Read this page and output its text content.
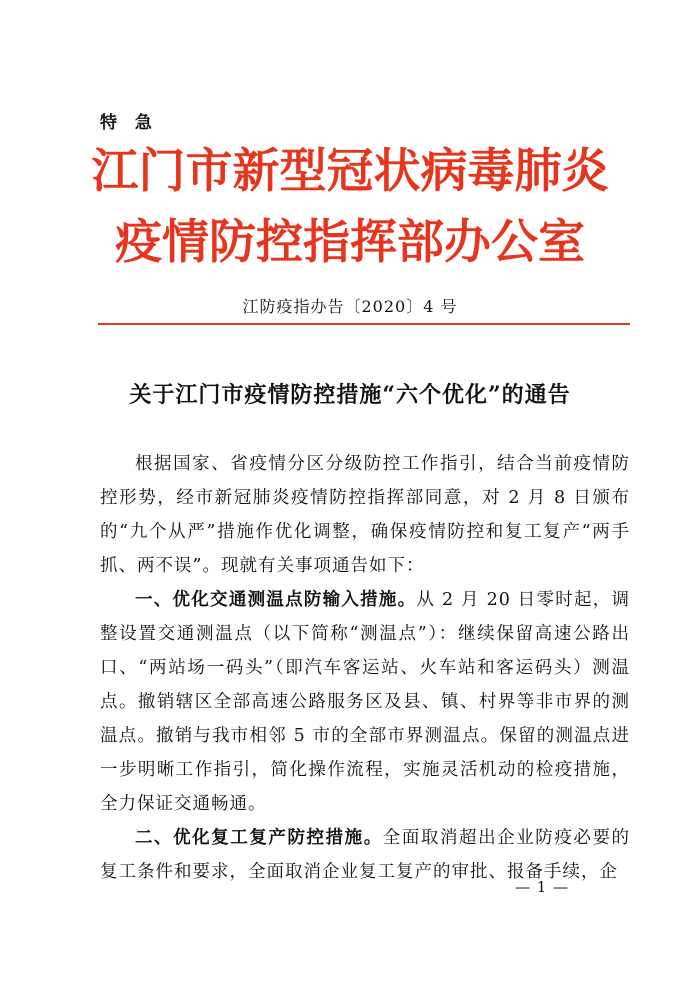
特 急
江门市新型冠状病毒肺炎
疫情防控指挥部办公室
江防疫指办告〔2020〕4 号
关于江门市疫情防控措施“六个优化”的通告

根据国家、省疫情分区分级防控工作指引，结合当前疫情防控形势，经市新冠肺炎疫情防控指挥部同意，对 2 月 8 日颁布的“九个从严”措施作优化调整，确保疫情防控和复工复产“两手抓、两不误”。现就有关事项通告如下：

一、优化交通测温点防输入措施。从 2 月 20 日零时起，调整设置交通测温点（以下简称“测温点”）：继续保留高速公路出口、“两站场一码头”（即汽车客运站、火车站和客运码头）测温点。撤销辖区全部高速公路服务区及县、镇、村界等非市界的测温点。撤销与我市相邻 5 市的全部市界测温点。保留的测温点进一步明晰工作指引，简化操作流程，实施灵活机动的检疫措施，全力保证交通畅通。

二、优化复工复产防控措施。全面取消超出企业防疫必要的复工条件和要求，全面取消企业复工复产的审批、报备手续，企

— 1 —
